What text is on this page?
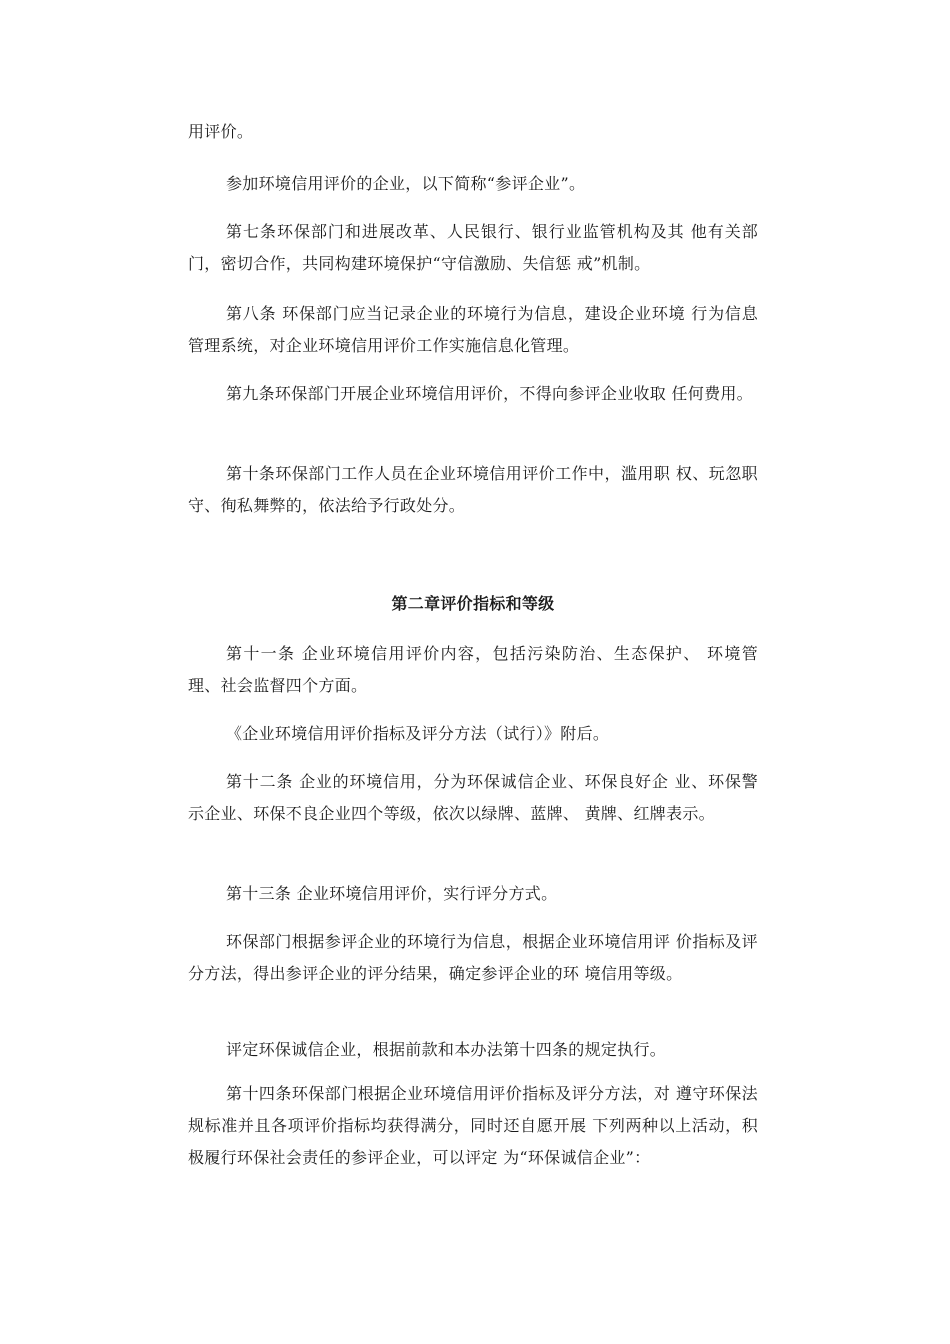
用评价。

参加环境信用评价的企业，以下简称“参评企业”。

第七条环保部门和进展改革、人民银行、银行业监管机构及其 他有关部门，密切合作，共同构建环境保护“守信激励、失信惩 戒”机制。

第八条 环保部门应当记录企业的环境行为信息，建设企业环境 行为信息管理系统，对企业环境信用评价工作实施信息化管理。

第九条环保部门开展企业环境信用评价，不得向参评企业收取 任何费用。

第十条环保部门工作人员在企业环境信用评价工作中，滥用职 权、玩忽职守、徇私舞弊的，依法给予行政处分。

第二章评价指标和等级

第十一条 企业环境信用评价内容，包括污染防治、生态保护、 环境管理、社会监督四个方面。

《企业环境信用评价指标及评分方法（试行）》附后。

第十二条 企业的环境信用，分为环保诚信企业、环保良好企 业、环保警示企业、环保不良企业四个等级，依次以绿牌、蓝牌、 黄牌、红牌表示。

第十三条 企业环境信用评价，实行评分方式。

环保部门根据参评企业的环境行为信息，根据企业环境信用评 价指标及评分方法，得出参评企业的评分结果，确定参评企业的环 境信用等级。

评定环保诚信企业，根据前款和本办法第十四条的规定执行。

第十四条环保部门根据企业环境信用评价指标及评分方法，对 遵守环保法规标准并且各项评价指标均获得满分，同时还自愿开展 下列两种以上活动，积极履行环保社会责任的参评企业，可以评定 为“环保诚信企业”：
